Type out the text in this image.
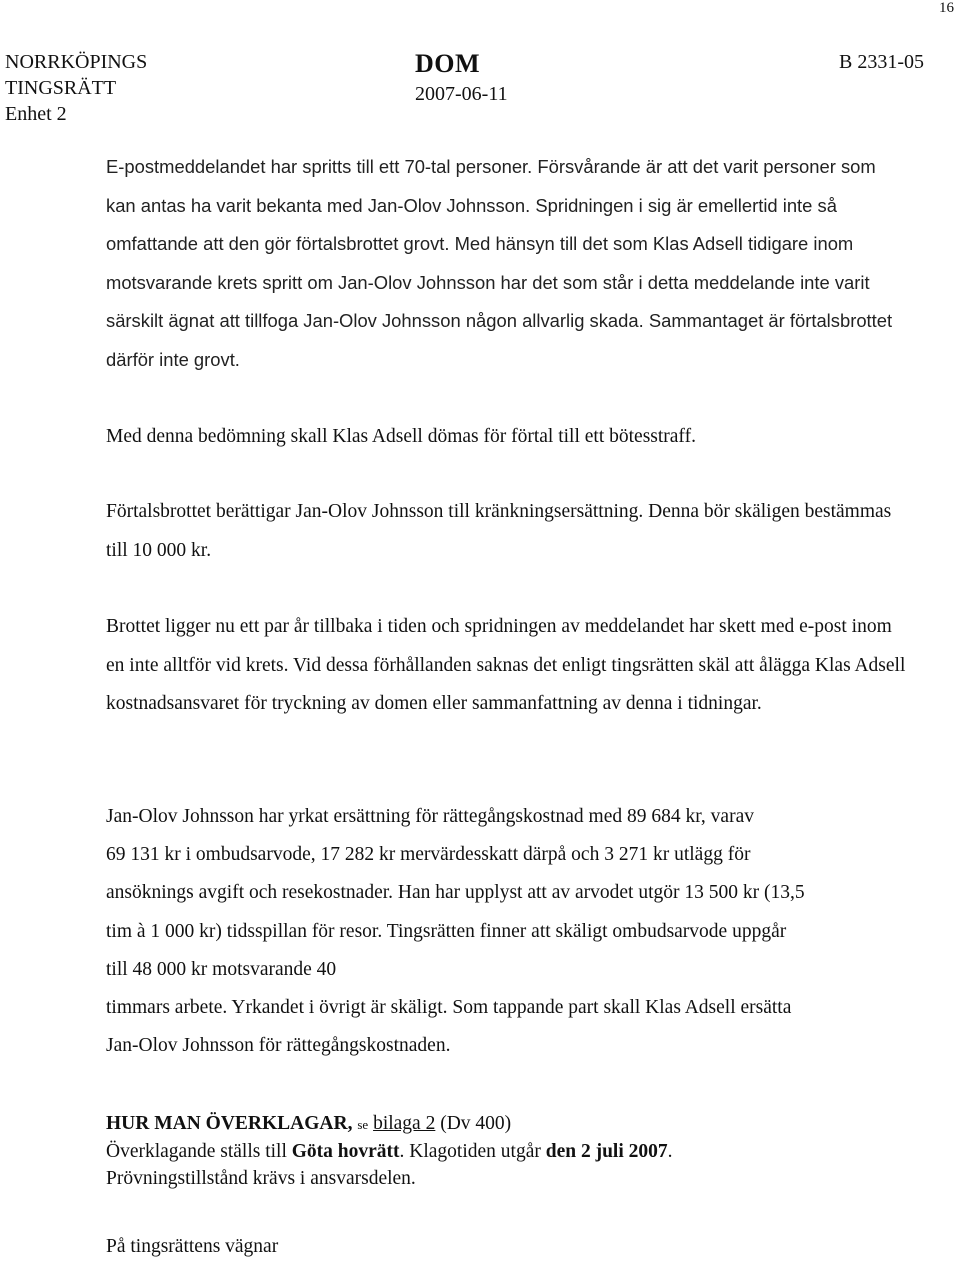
16
NORRKÖPINGS
TINGSRÄTT
Enhet 2
DOM
2007-06-11
B 2331-05

E-postmeddelandet har spritts till ett 70-tal personer. Försvårande är att det varit personer som kan antas ha varit bekanta med Jan-Olov Johnsson. Spridningen i sig är emellertid inte så omfattande att den gör förtalsbrottet grovt. Med hänsyn till det som Klas Adsell tidigare inom motsvarande krets spritt om Jan-Olov Johnsson har det som står i detta meddelande inte varit särskilt ägnat att tillfoga Jan-Olov Johnsson någon allvarlig skada. Sammantaget är förtalsbrottet därför inte grovt.

Med denna bedömning skall Klas Adsell dömas för förtal till ett bötesstraff.

Förtalsbrottet berättigar Jan-Olov Johnsson till kränkningsersättning. Denna bör skäligen bestämmas till 10 000 kr.

Brottet ligger nu ett par år tillbaka i tiden och spridningen av meddelandet har skett med e-post inom en inte alltför vid krets. Vid dessa förhållanden saknas det enligt tingsrätten skäl att ålägga Klas Adsell kostnadsansvaret för tryckning av domen eller sammanfattning av denna i tidningar.

Jan-Olov Johnsson har yrkat ersättning för rättegångskostnad med 89 684 kr, varav
69 131 kr i ombudsarvode, 17 282 kr mervärdesskatt därpå och 3 271 kr utlägg för
ansöknings avgift och resekostnader. Han har upplyst att av arvodet utgör 13 500 kr (13,5
tim à 1 000 kr) tidsspillan för resor. Tingsrätten finner att skäligt ombudsarvode uppgår
till 48 000 kr motsvarande 40
timmars arbete. Yrkandet i övrigt är skäligt. Som tappande part skall Klas Adsell ersätta
Jan-Olov Johnsson för rättegångskostnaden.
HUR MAN ÖVERKLAGAR, se bilaga 2 (Dv 400)
Överklagande ställs till Göta hovrätt. Klagotiden utgår den 2 juli 2007.
Prövningstillstånd krävs i ansvarsdelen.
På tingsrättens vägnar
